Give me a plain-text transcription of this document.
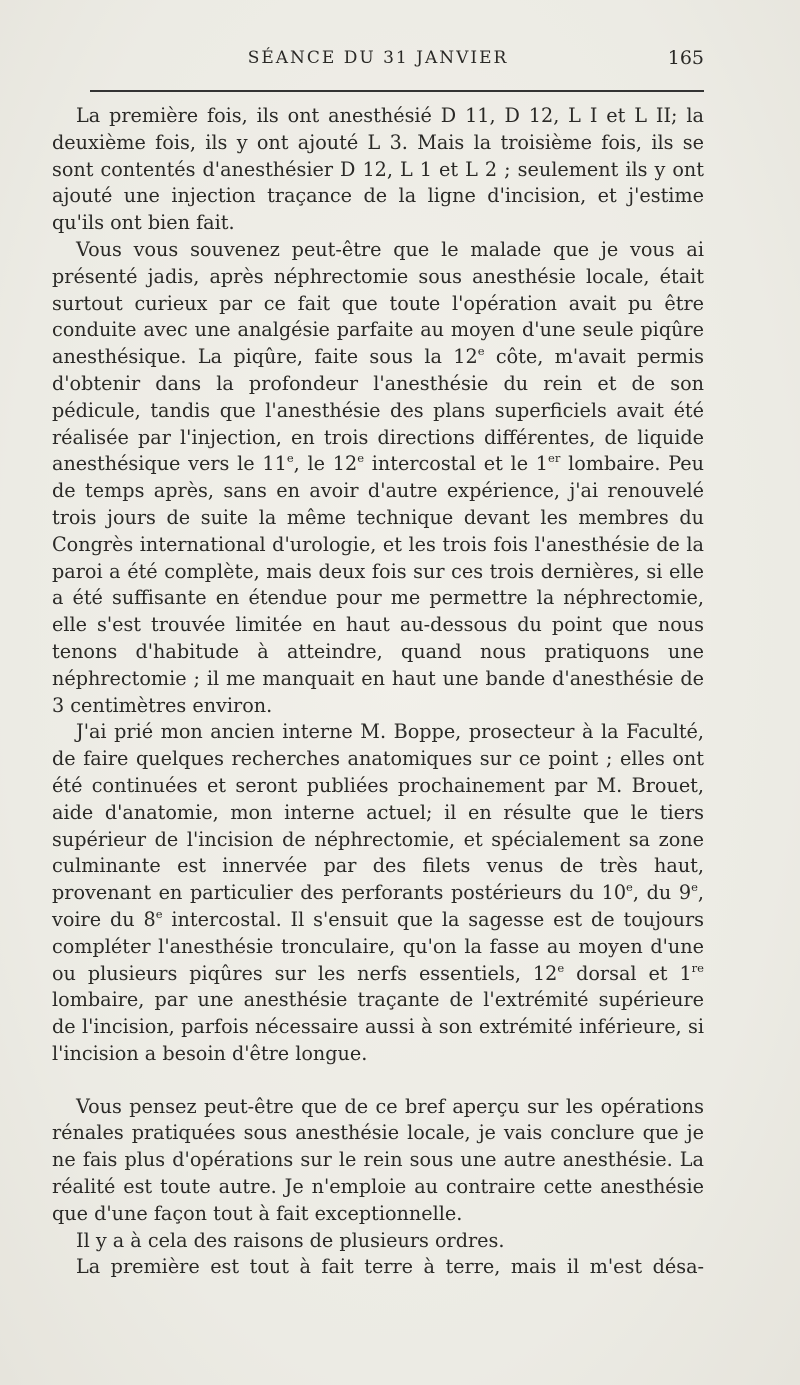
SÉANCE DU 31 JANVIER	165

La première fois, ils ont anesthésié D 11, D 12, L I et L II; la deuxième fois, ils y ont ajouté L 3. Mais la troisième fois, ils se sont contentés d'anesthésier D 12, L 1 et L 2 ; seulement ils y ont ajouté une injection traçance de la ligne d'incision, et j'estime qu'ils ont bien fait.

Vous vous souvenez peut-être que le malade que je vous ai présenté jadis, après néphrectomie sous anesthésie locale, était surtout curieux par ce fait que toute l'opération avait pu être conduite avec une analgésie parfaite au moyen d'une seule piqûre anesthésique. La piqûre, faite sous la 12e côte, m'avait permis d'obtenir dans la profondeur l'anesthésie du rein et de son pédicule, tandis que l'anesthésie des plans superficiels avait été réalisée par l'injection, en trois directions différentes, de liquide anesthésique vers le 11e, le 12e intercostal et le 1er lombaire. Peu de temps après, sans en avoir d'autre expérience, j'ai renouvelé trois jours de suite la même technique devant les membres du Congrès international d'urologie, et les trois fois l'anesthésie de la paroi a été complète, mais deux fois sur ces trois dernières, si elle a été suffisante en étendue pour me permettre la néphrectomie, elle s'est trouvée limitée en haut au-dessous du point que nous tenons d'habitude à atteindre, quand nous pratiquons une néphrectomie ; il me manquait en haut une bande d'anesthésie de 3 centimètres environ.

J'ai prié mon ancien interne M. Boppe, prosecteur à la Faculté, de faire quelques recherches anatomiques sur ce point ; elles ont été continuées et seront publiées prochainement par M. Brouet, aide d'anatomie, mon interne actuel; il en résulte que le tiers supérieur de l'incision de néphrectomie, et spécialement sa zone culminante est innervée par des filets venus de très haut, provenant en particulier des perforants postérieurs du 10e, du 9e, voire du 8e intercostal. Il s'ensuit que la sagesse est de toujours compléter l'anesthésie tronculaire, qu'on la fasse au moyen d'une ou plusieurs piqûres sur les nerfs essentiels, 12e dorsal et 1re lombaire, par une anesthésie traçante de l'extrémité supérieure de l'incision, parfois nécessaire aussi à son extrémité inférieure, si l'incision a besoin d'être longue.

Vous pensez peut-être que de ce bref aperçu sur les opérations rénales pratiquées sous anesthésie locale, je vais conclure que je ne fais plus d'opérations sur le rein sous une autre anesthésie. La réalité est toute autre. Je n'emploie au contraire cette anesthésie que d'une façon tout à fait exceptionnelle.

Il y a à cela des raisons de plusieurs ordres.

La première est tout à fait terre à terre, mais il m'est désa-
